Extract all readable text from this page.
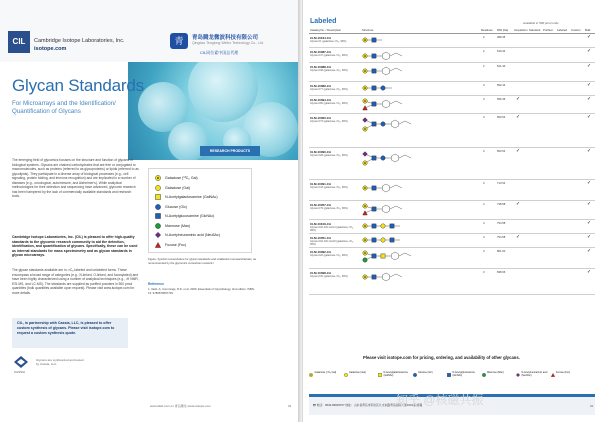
CIL	Cambridge Isotope Laboratories, Inc.
isotope.com
青	青岛腾龙微波科技有限公司
Qingdao Tenglong Weibo Technology Co., Ltd.
CIL同位素中国总代理
Glycan Standards
For Microarrays and the Identification/ Quantification of Glycans
RESEARCH PRODUCTS
The emerging field of glycomics focuses on the structure and function of glycans in biological systems. Glycans are chained carbohydrates that are free or conjugated to macromolecules, such as proteins (referred to as glycoproteins) or lipids (referred to as glycolipids). They participate in a diverse array of biological processes (e.g., cell signaling, protein folding, and immune recognition) and are implicated in a number of diseases (e.g., oncological, autoimmune, and Alzheimer's). While analytical methodologies for their detection and sequencing have advanced, glycomic research has been hampered by the lack of commercially available standards and research tools.
Cambridge Isotope Laboratories, Inc. (CIL) is pleased to offer high-quality standards to the glycomic research community to aid the detection, identification, and quantification of glycans. Specifically, these can be used as internal standards for mass spectrometry and as glycan standards in glycan microarrays.
The glycan standards available are in ¹³C₆-labeled and unlabeled forms. These encompass a broad range of categories (e.g., N-linked, O-linked, and fucosylated) and have been highly characterized using a number of analytical techniques (e.g., ¹H NMR, ESI-MS, and LC-MS). The standards are supplied as purified powders in 500 pmol quantities (bulk quantities available upon request). Please visit www.isotope.com for more details.
CIL, in partnership with Cassia, LLC, is pleased to offer custom synthesis of glycans. Please visit isotope.com to request a custom synthesis quote.
CASSIA
Glycans are synthesized and tested by Cassia, LLC.
Galactose (¹³C₆ Gal)
Galactose (Gal)
N-Acetylgalactosamine (GalNAc)
Glucose (Glc)
N-Acetylglucosamine (GlcNAc)
Mannose (Man)
N-Acetylneuraminic acid (Neu5Ac)
Fucose (Fuc)
Figure. Symbol nomenclature for glycan standards and unlabeled monosaccharides, as recommended by the glycomics consortium network.¹
Reference
1. Varki, A; Cummings, R.D. et al. 2009. Essentials of Glycobiology, 2nd edition. ISBN-13: 9780879697709
www.diwb.com.cn 青岛腾龙 www.isotope.com	01
Labeled	Available in 500 pmol units
Catalog No. / Description	Structure	Residues MW (Da) Acquisition Standard Purified Labeled Custom Bulk
CLM-10164-CA
Glycan-F1 (galactose-¹³C₆, 99%)
2	389.35	✓
CLM-10087-CA
Glycan-F47 (galactose-¹³C₆, 99%)
2	510.34	✓
CLM-10088-CA
Glycan-F48 (galactose-¹³C₆, 99%)
2	541.40	✓
CLM-10089-CA
Glycan-F77 (galactose-¹³C₆, 99%)
3	592.44	✓
CLM-10094-CA
Glycan-F80 (galactose-¹³C₆, 99%)
3	656.46 ✓	✓
CLM-10063-CA
Glycan-F73 (galactose-¹³C₆, 99%)
3	653.54 ✓	✓
CLM-10090-CA
Glycan-F28 (galactose-¹³C₆, 99%)
3	653.54 ✓	✓
CLM-10091-CA
Glycan-F43 (galactose-¹³C₆, 99%)
3	713.54	✓
CLM-10057-CA
Glycan-F79 (galactose-¹³C₆, 99%)
4	738.58 ✓	✓
CLM-10109-CA
Glycan-F02-13C-GAL4 (galactose-¹³C₆, 99%)
4	754.58	✓
CLM-10051-CA
Glycan-F02-13C-GAL8 (galactose-¹³C₆, 99%)
4	754.58 ✓	✓
CLM-10092-CA
Glycan-F22 (galactose-¹³C₆, 99%)
3	801.60	✓
CLM-10098-CA
Glycan-F30 (galactose-¹³C₆, 99%)
3	838.66	✓
Please visit isotope.com for pricing, ordering, and availability of other glycans.
Galactose (¹³C₆ Gal)	Galactose (Gal)	N-Acetylgalactosamine (GalNAc)
Glucose (Glc)	N-Acetylglucosamine (GlcNAc)
Mannose (Man)	N-Acetylneuraminic acid (Neu5Ac)
Fucose (Fuc)
☎ 电话：0532-83818707 地址：山东省青岛市李沧区九水东路青岛国际大厦1601室 邮箱	02
知乎 @核磁共振
